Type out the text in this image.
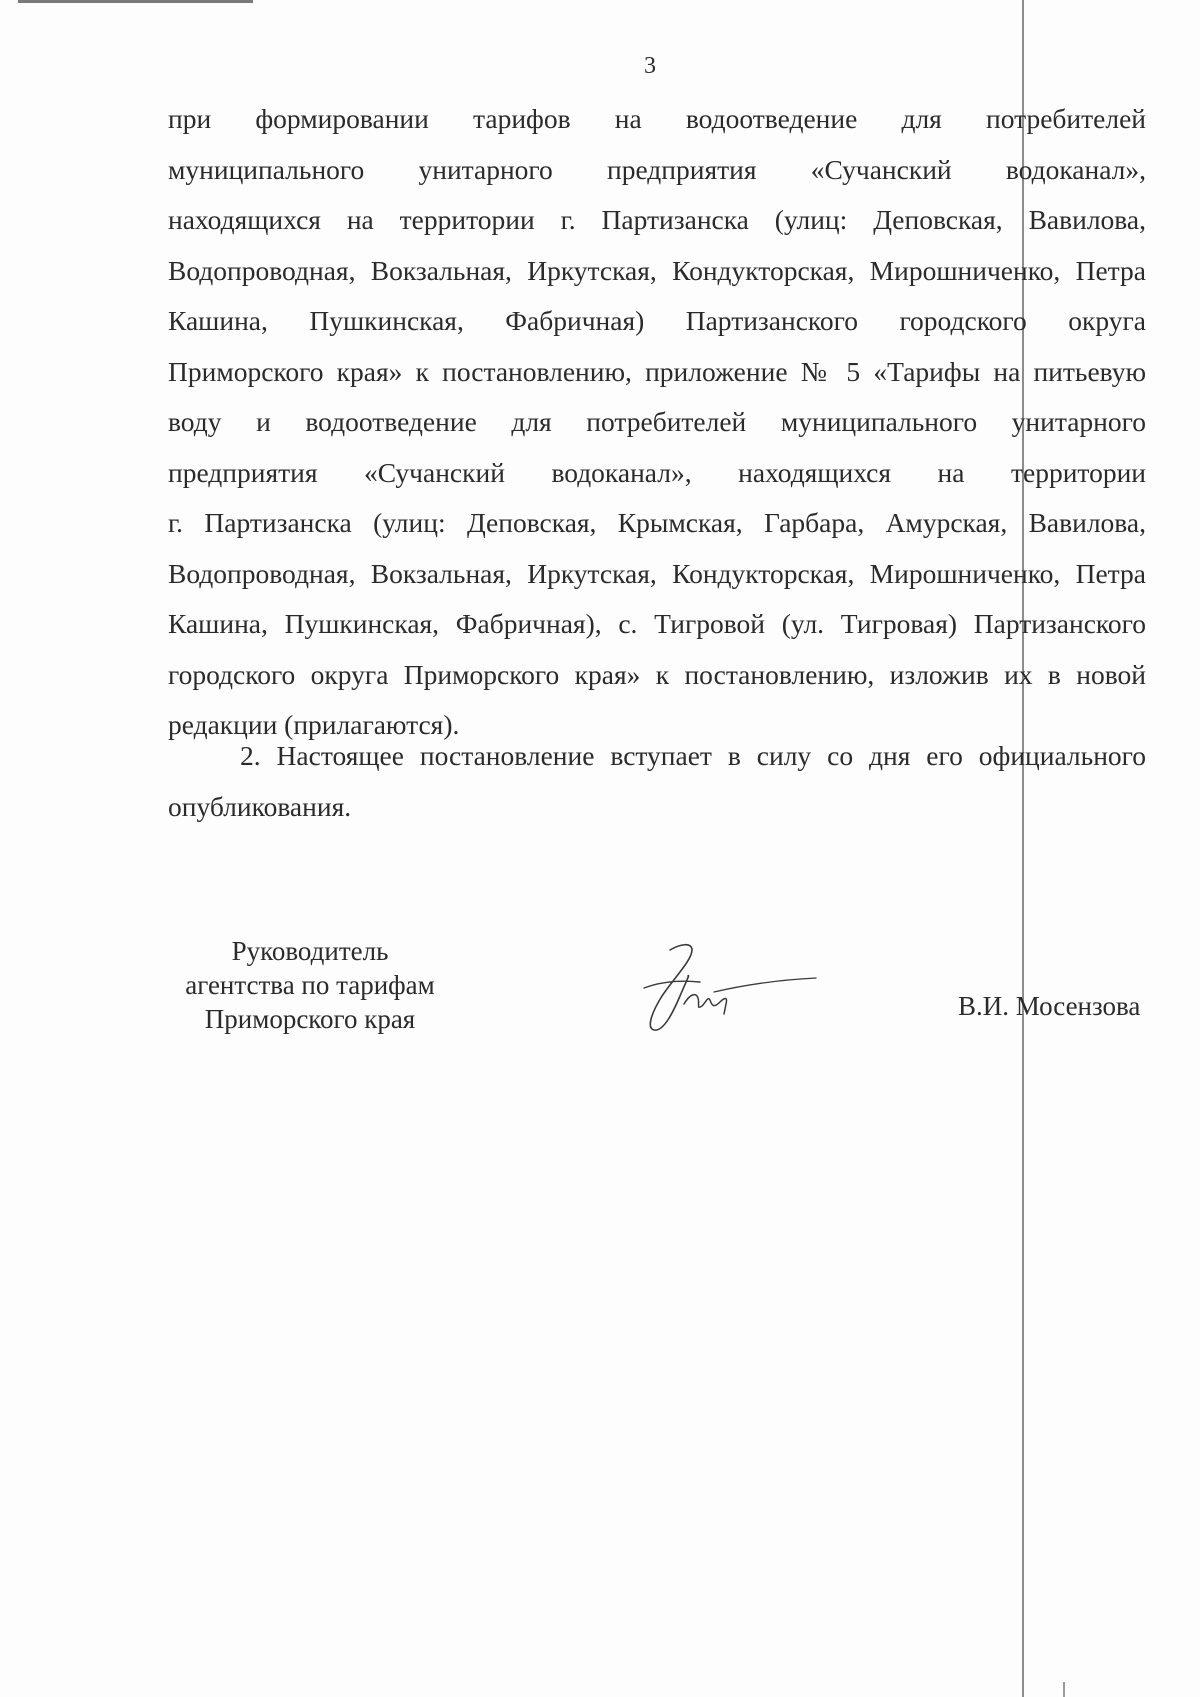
3
при формировании тарифов на водоотведение для потребителей
муниципального унитарного предприятия «Сучанский водоканал»,
находящихся на территории г. Партизанска (улиц: Деповская, Вавилова,
Водопроводная, Вокзальная, Иркутская, Кондукторская, Мирошниченко, Петра
Кашина, Пушкинская, Фабричная) Партизанского городского округа
Приморского края» к постановлению, приложение № 5 «Тарифы на питьевую
воду и водоотведение для потребителей муниципального унитарного
предприятия «Сучанский водоканал», находящихся на территории
г. Партизанска (улиц: Деповская, Крымская, Гарбара, Амурская, Вавилова,
Водопроводная, Вокзальная, Иркутская, Кондукторская, Мирошниченко, Петра
Кашина, Пушкинская, Фабричная), с. Тигровой (ул. Тигровая) Партизанского
городского округа Приморского края» к постановлению, изложив их в новой
редакции (прилагаются).
2. Настоящее постановление вступает в силу со дня его официального
опубликования.
Руководитель
агентства по тарифам
Приморского края	В.И. Мосензова
